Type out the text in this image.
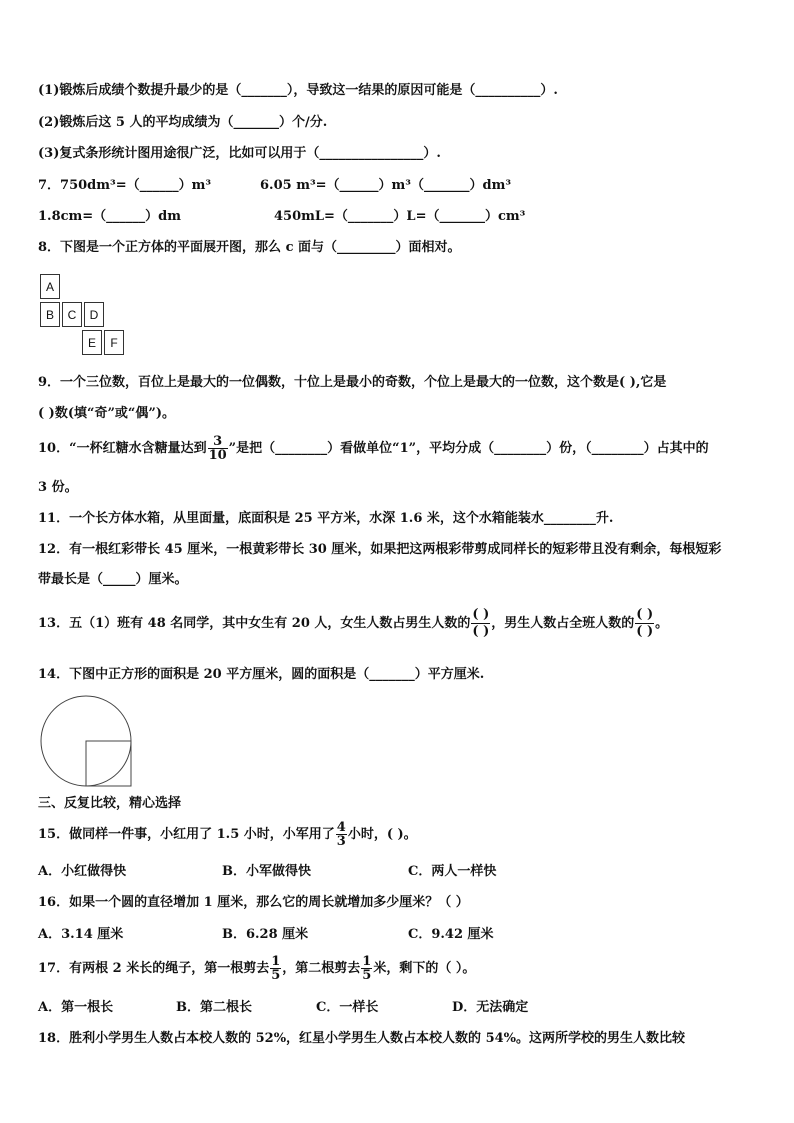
(1)锻炼后成绩个数提升最少的是（_______），导致这一结果的原因可能是（__________）.
(2)锻炼后这 5 人的平均成绩为（_______）个/分.
(3)复式条形统计图用途很广泛，比如可以用于（________________）.
7．750dm³=（______）m³	6.05 m³=（______）m³（_______）dm³
1.8cm=（______）dm	450mL=（_______）L=（_______）cm³
8．下图是一个正方体的平面展开图，那么 c 面与（_________）面相对。
A
B	C	D
E	F
9．一个三位数，百位上是最大的一位偶数，十位上是最小的奇数，个位上是最大的一位数，这个数是( ),它是
( )数(填“奇”或“偶”)。
10．“一杯红糖水含糖量达到 $\frac{3}{10}$ ”是把（________）看做单位“1”，平均分成（________）份，（________）占其中的
3 份。
11．一个长方体水箱，从里面量，底面积是 25 平方米，水深 1.6 米，这个水箱能装水________升.
12．有一根红彩带长 45 厘米，一根黄彩带长 30 厘米，如果把这两根彩带剪成同样长的短彩带且没有剩余，每根短彩
带最长是（_____）厘米。
13．五（1）班有 48 名同学，其中女生有 20 人，女生人数占男生人数的 $\frac{( )}{( )}$ ，男生人数占全班人数的 $\frac{( )}{( )}$ 。
14．下图中正方形的面积是 20 平方厘米，圆的面积是（_______）平方厘米.
三、反复比较，精心选择
15．做同样一件事，小红用了 1.5 小时，小军用了 $\frac{4}{3}$ 小时，( )。
A．小红做得快	B．小军做得快	C．两人一样快
16．如果一个圆的直径增加 1 厘米，那么它的周长就增加多少厘米？（ ）
A．3.14 厘米	B．6.28 厘米	C．9.42 厘米
17．有两根 2 米长的绳子，第一根剪去 $\frac{1}{5}$ ，第二根剪去 $\frac{1}{5}$ 米，剩下的（ ）。
A．第一根长	B．第二根长	C．一样长	D．无法确定
18．胜利小学男生人数占本校人数的 52%，红星小学男生人数占本校人数的 54%。这两所学校的男生人数比较
